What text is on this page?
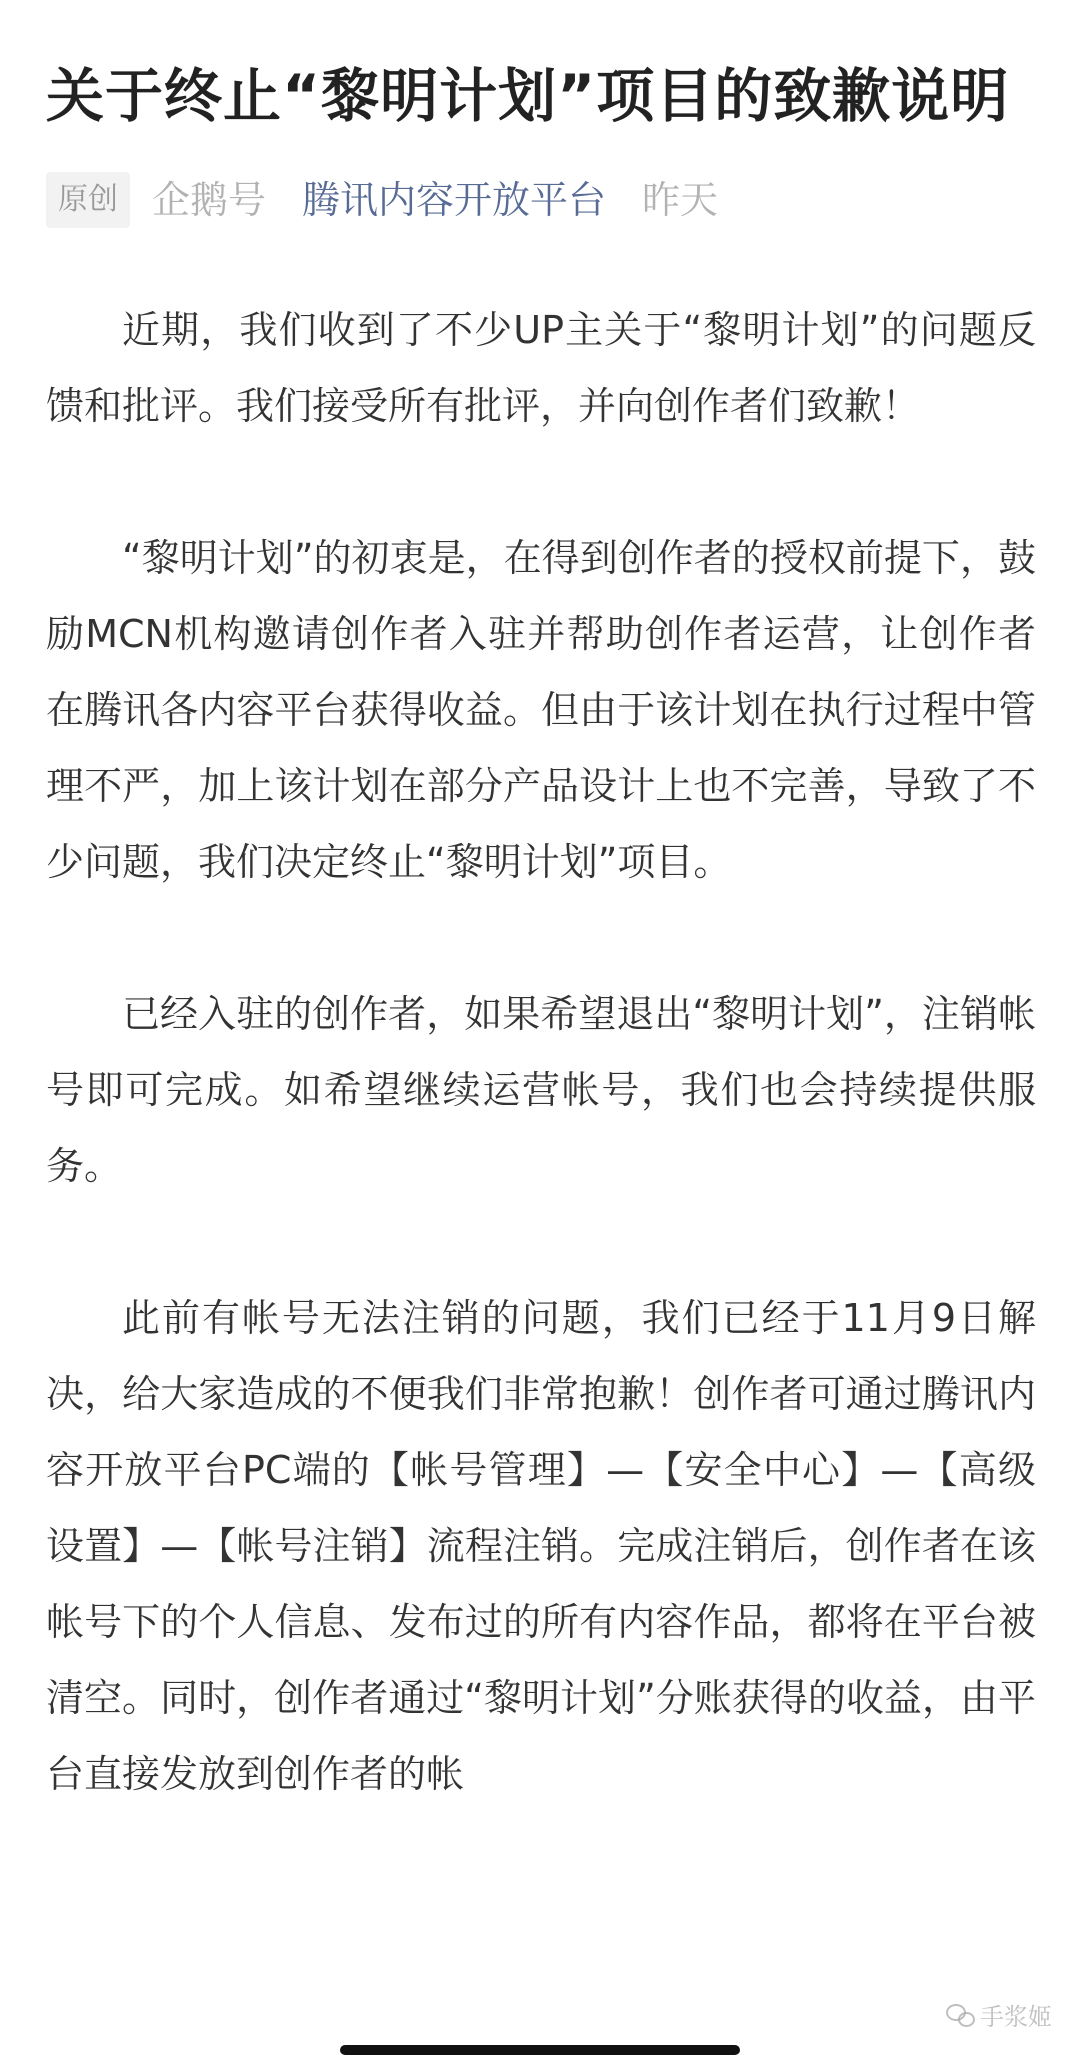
关于终止“黎明计划”项目的致歉说明
原创 企鹅号 腾讯内容开放平台 昨天

近期，我们收到了不少UP主关于“黎明计划”的问题反馈和批评。我们接受所有批评，并向创作者们致歉！

“黎明计划”的初衷是，在得到创作者的授权前提下，鼓励MCN机构邀请创作者入驻并帮助创作者运营，让创作者在腾讯各内容平台获得收益。但由于该计划在执行过程中管理不严，加上该计划在部分产品设计上也不完善，导致了不少问题，我们决定终止“黎明计划”项目。

已经入驻的创作者，如果希望退出“黎明计划”，注销帐号即可完成。如希望继续运营帐号，我们也会持续提供服务。

此前有帐号无法注销的问题，我们已经于11月9日解决，给大家造成的不便我们非常抱歉！创作者可通过腾讯内容开放平台PC端的【帐号管理】—【安全中心】—【高级设置】—【帐号注销】流程注销。完成注销后，创作者在该帐号下的个人信息、发布过的所有内容作品，都将在平台被清空。同时，创作者通过“黎明计划”分账获得的收益，由平台直接发放到创作者的帐

手浆姬
